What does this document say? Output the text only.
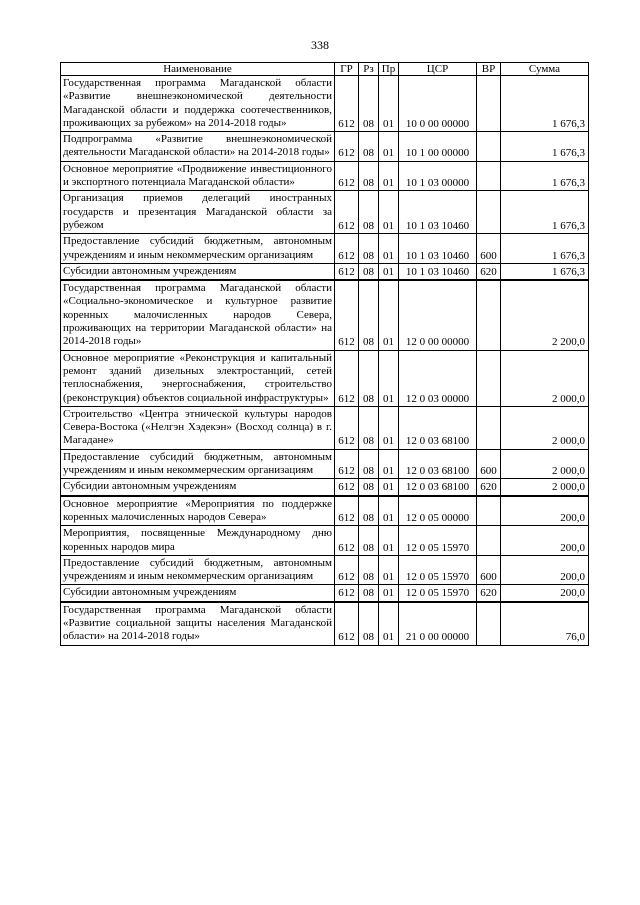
338
Наименование	ГР	Рз	Пр	ЦСР	ВР	Сумма
Государственная программа Магаданской области «Развитие внешнеэкономической деятельности Магаданской области и поддержка соотечественников, проживающих за рубежом» на 2014-2018 годы»	612	08	01	10 0 00 00000		1 676,3
Подпрограмма «Развитие внешнеэкономической деятельности Магаданской области» на 2014-2018 годы»	612	08	01	10 1 00 00000		1 676,3
Основное мероприятие «Продвижение инвестиционного и экспортного потенциала Магаданской области»	612	08	01	10 1 03 00000		1 676,3
Организация приемов делегаций иностранных государств и презентация Магаданской области за рубежом	612	08	01	10 1 03 10460		1 676,3
Предоставление субсидий бюджетным, автономным учреждениям и иным некоммерческим организациям	612	08	01	10 1 03 10460	600	1 676,3
Субсидии автономным учреждениям	612	08	01	10 1 03 10460	620	1 676,3
Государственная программа Магаданской области «Социально-экономическое и культурное развитие коренных малочисленных народов Севера, проживающих на территории Магаданской области» на 2014-2018 годы»	612	08	01	12 0 00 00000		2 200,0
Основное мероприятие «Реконструкция и капитальный ремонт зданий дизельных электростанций, сетей теплоснабжения, энергоснабжения, строительство (реконструкция) объектов социальной инфраструктуры»	612	08	01	12 0 03 00000		2 000,0
Строительство «Центра этнической культуры народов Севера-Востока («Нелгэн Хэдекэн» (Восход солнца) в г. Магадане»	612	08	01	12 0 03 68100		2 000,0
Предоставление субсидий бюджетным, автономным учреждениям и иным некоммерческим организациям	612	08	01	12 0 03 68100	600	2 000,0
Субсидии автономным учреждениям	612	08	01	12 0 03 68100	620	2 000,0
Основное мероприятие «Мероприятия по поддержке коренных малочисленных народов Севера»	612	08	01	12 0 05 00000		200,0
Мероприятия, посвященные Международному дню коренных народов мира	612	08	01	12 0 05 15970		200,0
Предоставление субсидий бюджетным, автономным учреждениям и иным некоммерческим организациям	612	08	01	12 0 05 15970	600	200,0
Субсидии автономным учреждениям	612	08	01	12 0 05 15970	620	200,0
Государственная программа Магаданской области «Развитие социальной защиты населения Магаданской области» на 2014-2018 годы»	612	08	01	21 0 00 00000		76,0
